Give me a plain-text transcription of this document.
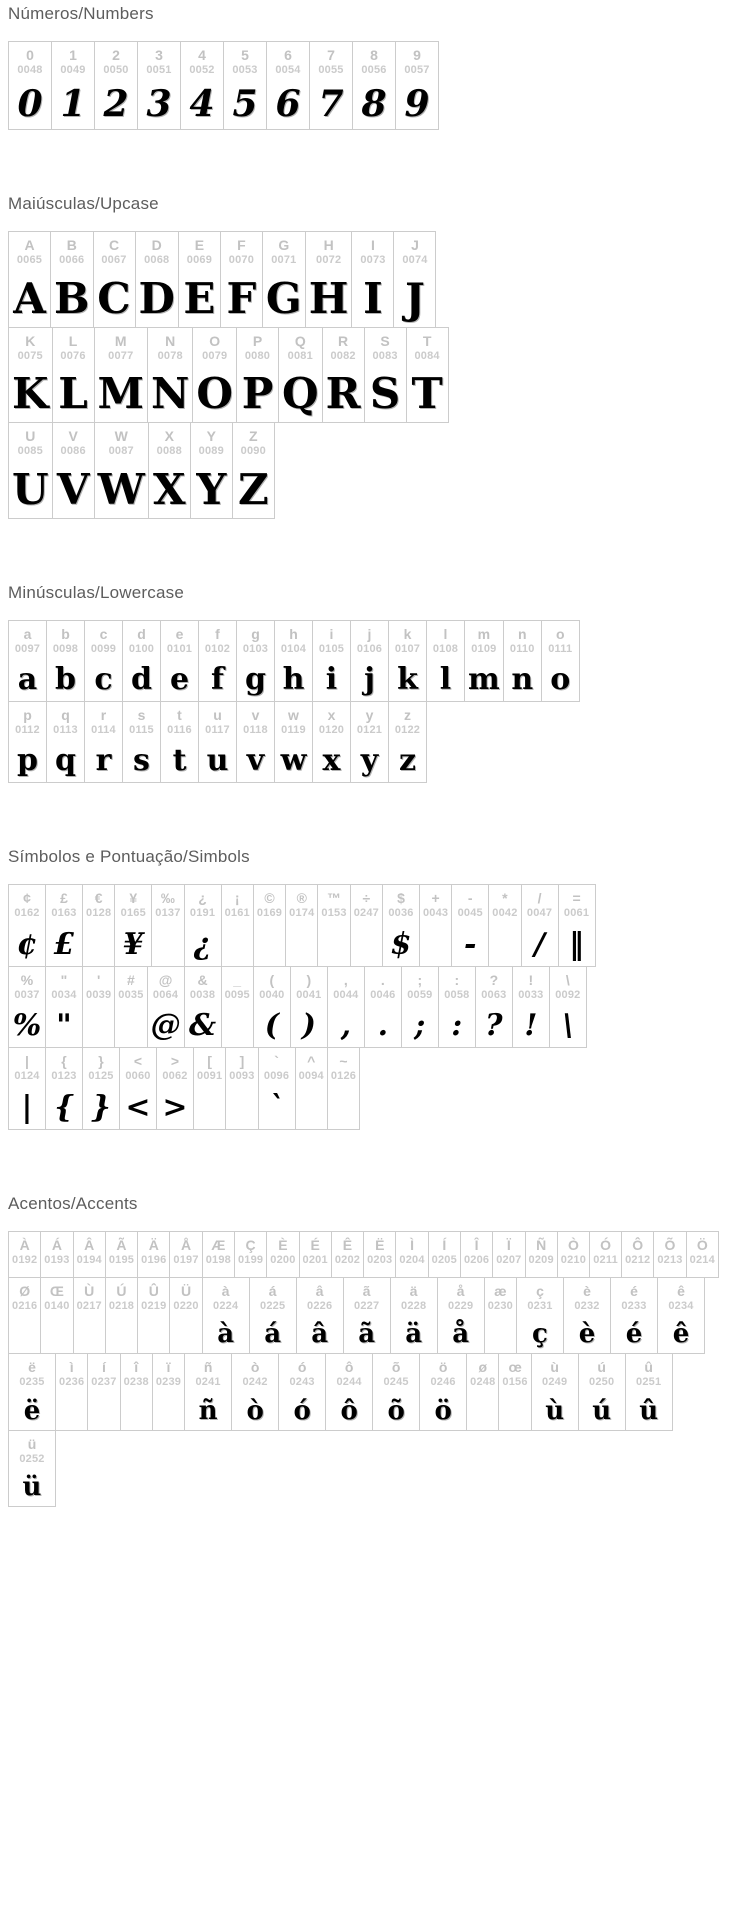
Números/Numbers
0
0048
0
1
0049
1
2
0050
2
3
0051
3
4
0052
4
5
0053
5
6
0054
6
7
0055
7
8
0056
8
9
0057
9
Maiúsculas/Upcase
A
0065
A
B
0066
B
C
0067
C
D
0068
D
E
0069
E
F
0070
F
G
0071
G
H
0072
H
I
0073
I
J
0074
J
K
0075
K
L
0076
L
M
0077
M
N
0078
N
O
0079
O
P
0080
P
Q
0081
Q
R
0082
R
S
0083
S
T
0084
T
U
0085
U
V
0086
V
W
0087
W
X
0088
X
Y
0089
Y
Z
0090
Z
Minúsculas/Lowercase
a
0097
a
b
0098
b
c
0099
c
d
0100
d
e
0101
e
f
0102
f
g
0103
g
h
0104
h
i
0105
i
j
0106
j
k
0107
k
l
0108
l
m
0109
m
n
0110
n
o
0111
o
p
0112
p
q
0113
q
r
0114
r
s
0115
s
t
0116
t
u
0117
u
v
0118
v
w
0119
w
x
0120
x
y
0121
y
z
0122
z
Símbolos e Pontuação/Simbols
¢
0162
¢
£
0163
£
€
0128
¥
0165
¥
‰
0137
¿
0191
¿
¡
0161
©
0169
®
0174
™
0153
÷
0247
$
0036
$
+
0043
-
0045
-
*
0042
/
0047
/
=
0061
‖
%
0037
%
"
0034
"
'
0039
#
0035
@
0064
@
&
0038
&
_
0095
(
0040
(
)
0041
)
,
0044
,
.
0046
.
;
0059
;
:
0058
:
?
0063
?
!
0033
!
\
0092
\
|
0124
|
{
0123
{
}
0125
}
<
0060
<
>
0062
>
[
0091
]
0093
`
0096
`
^
0094
~
0126
Acentos/Accents
À
0192
Á
0193
Â
0194
Ã
0195
Ä
0196
Å
0197
Æ
0198
Ç
0199
È
0200
É
0201
Ê
0202
Ë
0203
Ì
0204
Í
0205
Î
0206
Ï
0207
Ñ
0209
Ò
0210
Ó
0211
Ô
0212
Õ
0213
Ö
0214
Ø
0216
Œ
0140
Ù
0217
Ú
0218
Û
0219
Ü
0220
à
0224
à
á
0225
á
â
0226
â
ã
0227
ã
ä
0228
ä
å
0229
å
æ
0230
ç
0231
ç
è
0232
è
é
0233
é
ê
0234
ê
ë
0235
ë
ì
0236
í
0237
î
0238
ï
0239
ñ
0241
ñ
ò
0242
ò
ó
0243
ó
ô
0244
ô
õ
0245
õ
ö
0246
ö
ø
0248
œ
0156
ù
0249
ù
ú
0250
ú
û
0251
û
ü
0252
ü
